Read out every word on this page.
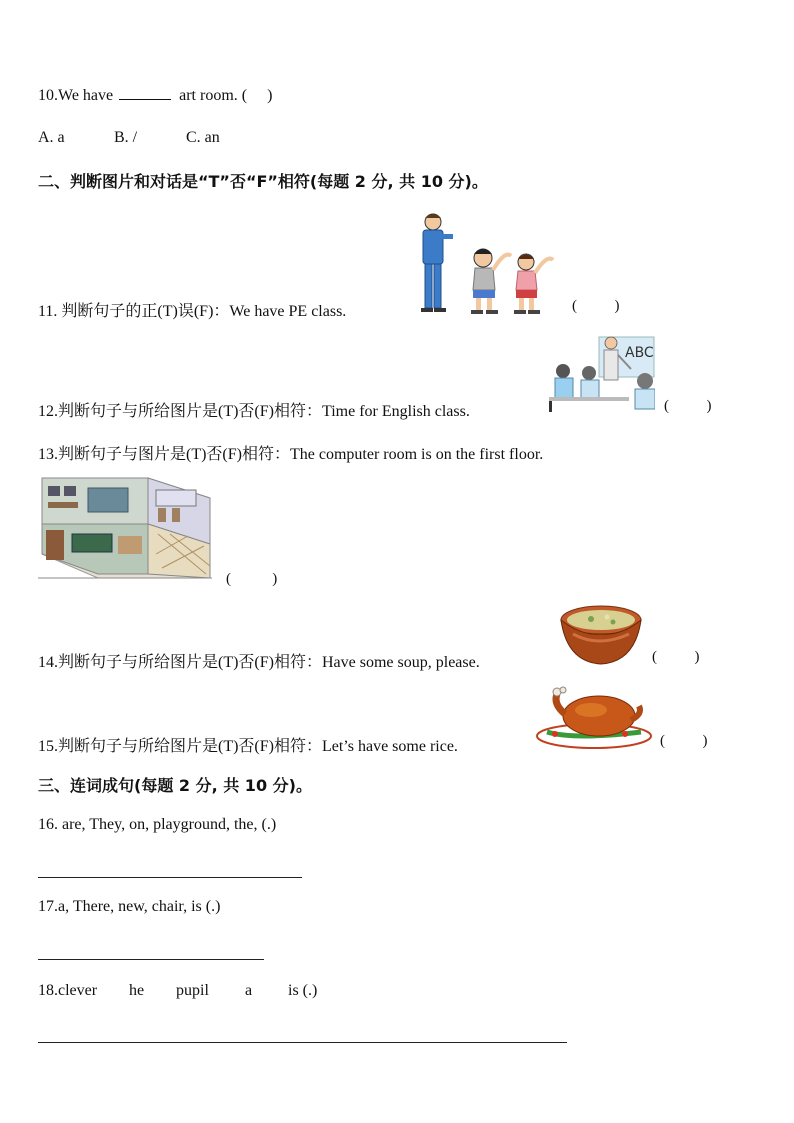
10.We have	art room. ( )
A. a	B. /	C. an
二、判断图片和对话是“T”否“F”相符(每题 2 分, 共 10 分)。
11. 判断句子的正(T)误(F)：We have PE class.	(          )
ABC
12.判断句子与所给图片是(T)否(F)相符：Time for English class.	(          )
13.判断句子与图片是(T)否(F)相符：The computer room is on the first floor.
(           )
14.判断句子与所给图片是(T)否(F)相符：Have some soup, please.	(          )
15.判断句子与所给图片是(T)否(F)相符：Let’s have some rice.	(          )
三、连词成句(每题 2 分, 共 10 分)。
16. are, They, on, playground, the, (.)
17.a, There, new, chair, is (.)
18.clever he pupil a is (.)
